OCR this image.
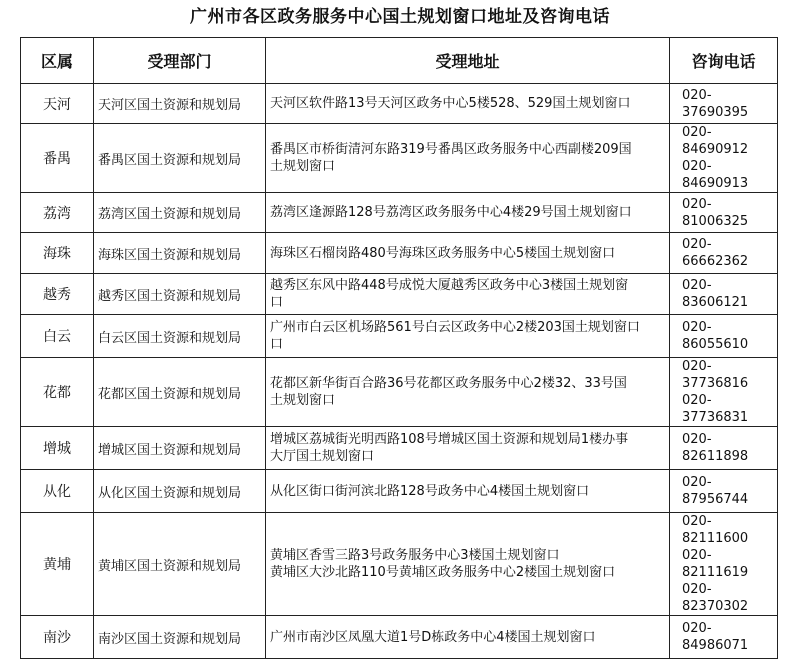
广州市各区政务服务中心国土规划窗口地址及咨询电话
区属	受理部门	受理地址	咨询电话
天河	天河区国土资源和规划局	天河区软件路13号天河区政务中心5楼528、529国土规划窗口	020-37690395

番禺	番禺区国土资源和规划局	番禺区市桥街清河东路319号番禺区政务服务中心西副楼209国
土规划窗口	020-84690912
020-84690913

荔湾	荔湾区国土资源和规划局	荔湾区逢源路128号荔湾区政务服务中心4楼29号国土规划窗口	020-81006325

海珠	海珠区国土资源和规划局	海珠区石榴岗路480号海珠区政务服务中心5楼国土规划窗口	020-66662362

越秀	越秀区国土资源和规划局	越秀区东风中路448号成悦大厦越秀区政务中心3楼国土规划窗
口	020-83606121

白云	白云区国土资源和规划局	广州市白云区机场路561号白云区政务中心2楼203国土规划窗口
口	020-86055610

花都	花都区国土资源和规划局	花都区新华街百合路36号花都区政务服务中心2楼32、33号国
土规划窗口	020-37736816
020-37736831

增城	增城区国土资源和规划局	增城区荔城街光明西路108号增城区国土资源和规划局1楼办事
大厅国土规划窗口	020-82611898

从化	从化区国土资源和规划局	从化区街口街河滨北路128号政务中心4楼国土规划窗口	020-87956744

黄埔	黄埔区国土资源和规划局	黄埔区香雪三路3号政务服务中心3楼国土规划窗口
黄埔区大沙北路110号黄埔区政务服务中心2楼国土规划窗口	020-82111600
020-82111619
020-82370302

南沙	南沙区国土资源和规划局	广州市南沙区凤凰大道1号D栋政务中心4楼国土规划窗口	020-84986071
